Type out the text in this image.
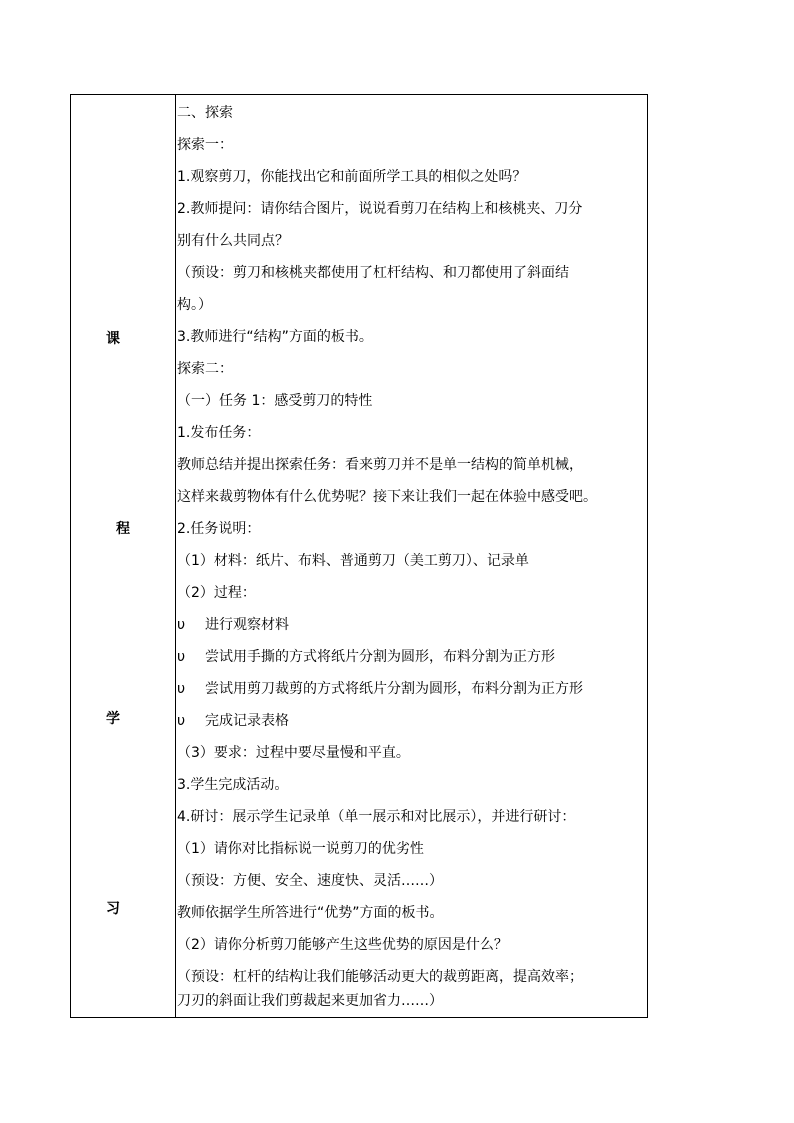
课
程
学
习
二、探索
探索一：
1.观察剪刀，你能找出它和前面所学工具的相似之处吗？
2.教师提问：请你结合图片，说说看剪刀在结构上和核桃夹、刀分
别有什么共同点？
（预设：剪刀和核桃夹都使用了杠杆结构、和刀都使用了斜面结
构。）
3.教师进行“结构”方面的板书。
探索二：
（一）任务 1：感受剪刀的特性
1.发布任务：
教师总结并提出探索任务：看来剪刀并不是单一结构的简单机械，
这样来裁剪物体有什么优势呢？接下来让我们一起在体验中感受吧。
2.任务说明：
（1）材料：纸片、布料、普通剪刀（美工剪刀）、记录单
（2）过程：
υ 进行观察材料
υ 尝试用手撕的方式将纸片分割为圆形，布料分割为正方形
υ 尝试用剪刀裁剪的方式将纸片分割为圆形，布料分割为正方形
υ 完成记录表格
（3）要求：过程中要尽量慢和平直。
3.学生完成活动。
4.研讨：展示学生记录单（单一展示和对比展示），并进行研讨：
（1）请你对比指标说一说剪刀的优劣性
（预设：方便、安全、速度快、灵活……）
教师依据学生所答进行“优势”方面的板书。
（2）请你分析剪刀能够产生这些优势的原因是什么？
（预设：杠杆的结构让我们能够活动更大的裁剪距离，提高效率；
刀刃的斜面让我们剪裁起来更加省力……）
